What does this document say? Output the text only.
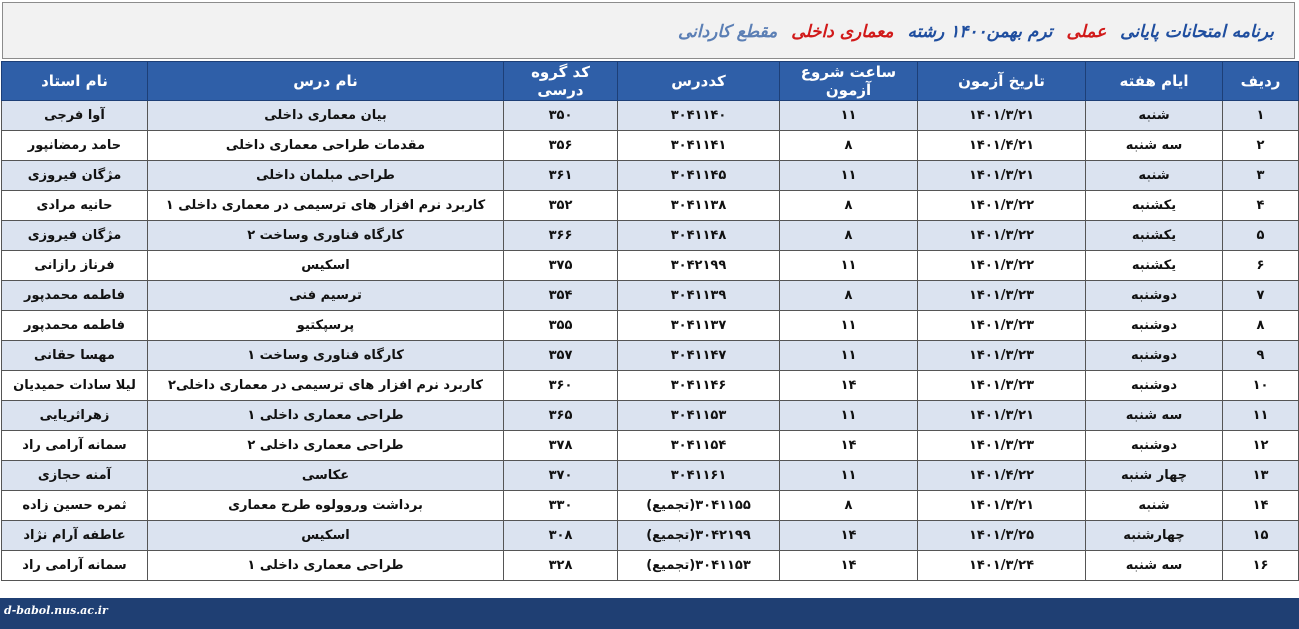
برنامه امتحانات پایانی عملی ترم بهمن۱۴۰۰ رشته معماری داخلی مقطع کاردانی
ردیف	ایام هفته	تاریخ آزمون	ساعت شروع آزمون	کددرس	کد گروه درسی	نام درس	نام استاد
۱	شنبه	۱۴۰۱/۳/۲۱	۱۱	۳۰۴۱۱۴۰	۳۵۰	بیان معماری داخلی	آوا فرجی
۲	سه شنبه	۱۴۰۱/۴/۲۱	۸	۳۰۴۱۱۴۱	۳۵۶	مقدمات طراحی معماری داخلی	حامد رمضانپور
۳	شنبه	۱۴۰۱/۳/۲۱	۱۱	۳۰۴۱۱۴۵	۳۶۱	طراحی مبلمان داخلی	مژگان فیروزی
۴	یکشنبه	۱۴۰۱/۳/۲۲	۸	۳۰۴۱۱۳۸	۳۵۲	کاربرد نرم افزار های ترسیمی در معماری داخلی ۱	حانیه مرادی
۵	یکشنبه	۱۴۰۱/۳/۲۲	۸	۳۰۴۱۱۴۸	۳۶۶	کارگاه فناوری وساخت ۲	مژگان فیروزی
۶	یکشنبه	۱۴۰۱/۳/۲۲	۱۱	۳۰۴۲۱۹۹	۳۷۵	اسکیس	فرناز رازانی
۷	دوشنبه	۱۴۰۱/۳/۲۳	۸	۳۰۴۱۱۳۹	۳۵۴	ترسیم فنی	فاطمه محمدپور
۸	دوشنبه	۱۴۰۱/۳/۲۳	۱۱	۳۰۴۱۱۳۷	۳۵۵	پرسپکتیو	فاطمه محمدپور
۹	دوشنبه	۱۴۰۱/۳/۲۳	۱۱	۳۰۴۱۱۴۷	۳۵۷	کارگاه فناوری وساخت ۱	مهسا حقانی
۱۰	دوشنبه	۱۴۰۱/۳/۲۳	۱۴	۳۰۴۱۱۴۶	۳۶۰	کاربرد نرم افزار های ترسیمی در معماری داخلی۲	لیلا سادات حمیدیان
۱۱	سه شنبه	۱۴۰۱/۳/۲۱	۱۱	۳۰۴۱۱۵۳	۳۶۵	طراحی معماری داخلی ۱	زهراثریایی
۱۲	دوشنبه	۱۴۰۱/۳/۲۳	۱۴	۳۰۴۱۱۵۴	۳۷۸	طراحی معماری داخلی ۲	سمانه آرامی راد
۱۳	چهار شنبه	۱۴۰۱/۴/۲۲	۱۱	۳۰۴۱۱۶۱	۳۷۰	عکاسی	آمنه حجازی
۱۴	شنبه	۱۴۰۱/۳/۲۱	۸	۳۰۴۱۱۵۵(تجمیع)	۳۳۰	برداشت وروولوه طرح معماری	ثمره حسین زاده
۱۵	چهارشنبه	۱۴۰۱/۳/۲۵	۱۴	۳۰۴۲۱۹۹(تجمیع)	۳۰۸	اسکیس	عاطفه آرام نژاد
۱۶	سه شنبه	۱۴۰۱/۳/۲۴	۱۴	۳۰۴۱۱۵۳(تجمیع)	۳۲۸	طراحی معماری داخلی ۱	سمانه آرامی راد
d-babol.nus.ac.ir
